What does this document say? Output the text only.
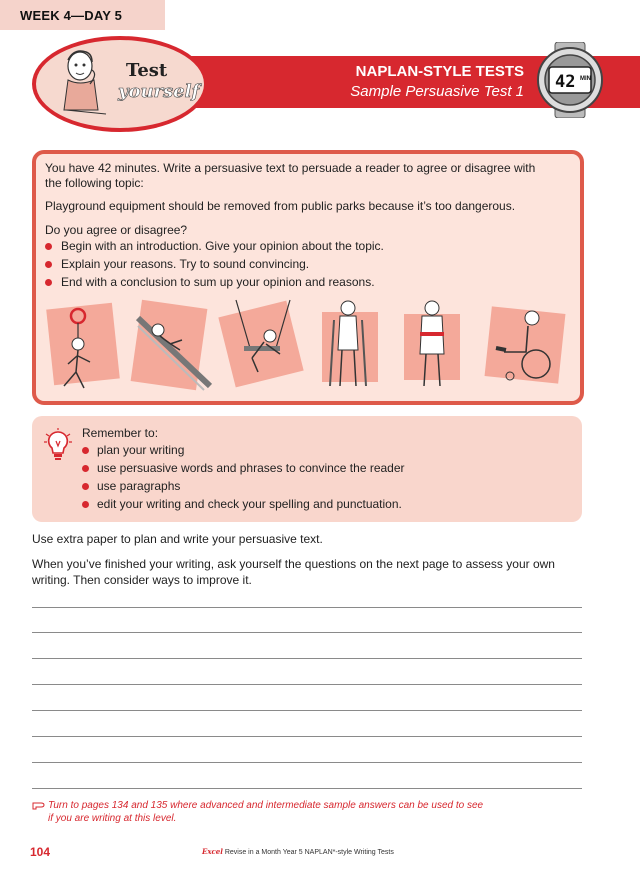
WEEK 4—DAY 5
NAPLAN-STYLE TESTS
Sample Persuasive Test 1
Test
yourself	42 MIN
You have 42 minutes. Write a persuasive text to persuade a reader to agree or disagree with
the following topic:
Playground equipment should be removed from public parks because it’s too dangerous.
Do you agree or disagree?
Begin with an introduction. Give your opinion about the topic.
Explain your reasons. Try to sound convincing.
End with a conclusion to sum up your opinion and reasons.
Remember to:
plan your writing
use persuasive words and phrases to convince the reader
use paragraphs
edit your writing and check your spelling and punctuation.
Use extra paper to plan and write your persuasive text.
When you’ve finished your writing, ask yourself the questions on the next page to assess your own
writing. Then consider ways to improve it.
Turn to pages 134 and 135 where advanced and intermediate sample answers can be used to see
if you are writing at this level.
104	Excel Revise in a Month Year 5 NAPLAN*-style Writing Tests
